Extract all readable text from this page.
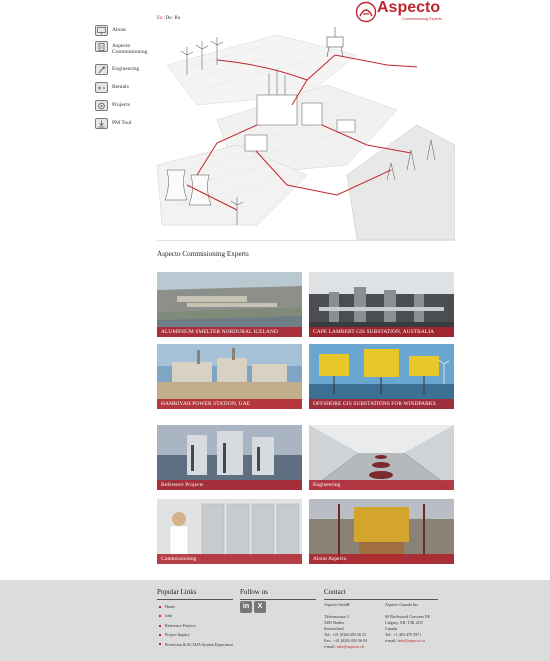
En|De|Ru
Aspecto
Commissioning Experts
About
Aspecto Commissioning
Engineering
Rentals
Projects
PM Tool
Aspecto Commisioning Experts
ALUMINIUM SMELTER NORDURAL ICELAND	CAPE LAMBERT GIS SUBSTATION, AUSTRALIA
HAMRIYAH POWER STATION, UAE	OFFSHORE GIS SUBSTATIONS FOR WINDPARKS
Reference Projects	Engineering
Commissioning	About Aspecto
Popular Links
Home
Jobs
Reference Projects
Project Inquiry
Protection & SCADA System Experience
Follow us	Contact
Aspecto GmbH
Täfernstrasse 2
5405 Baden
Switzerland
Tel.: +41 (0)56 493 56 33
Fax.: +41 (0)56 493 56 94
e-mail: info@aspecto.ch
Aspecto Canada Inc.
68 Birchwood Crescent NE
Calgary, AB, T3K 2C9
Canada
Tel.: +1 403 470 5971
e-mail: info@aspecto.ca
in	X
